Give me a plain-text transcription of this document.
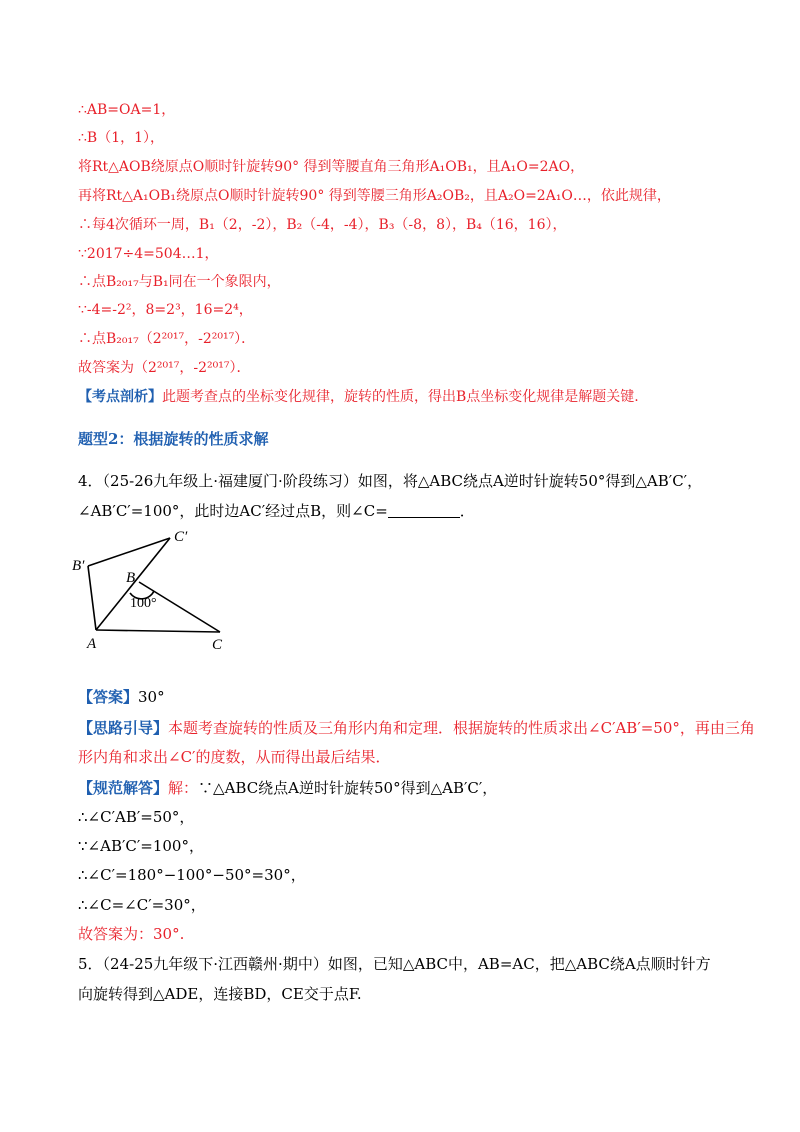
∴AB=OA=1，
∴B（1，1），
将Rt△AOB绕原点O顺时针旋转90° 得到等腰直角三角形A₁OB₁，且A₁O=2AO，
再将Rt△A₁OB₁绕原点O顺时针旋转90° 得到等腰三角形A₂OB₂，且A₂O=2A₁O…，依此规律，
∴每4次循环一周，B₁（2，-2），B₂（-4，-4），B₃（-8，8），B₄（16，16），
∵2017÷4=504…1，
∴点B₂₀₁₇与B₁同在一个象限内，
∵-4=-2²，8=2³，16=2⁴，
∴点B₂₀₁₇（2²⁰¹⁷，-2²⁰¹⁷）．
故答案为（2²⁰¹⁷，-2²⁰¹⁷）．
【考点剖析】此题考查点的坐标变化规律，旋转的性质，得出B点坐标变化规律是解题关键.
题型2：根据旋转的性质求解
4．（25-26九年级上·福建厦门·阶段练习）如图，将△ABC绕点A逆时针旋转50°得到△AB′C′，
∠AB′C′=100°，此时边AC′经过点B，则∠C=	．
B′
C′
B
A	C
100°
【答案】30°
【思路引导】本题考查旋转的性质及三角形内角和定理．根据旋转的性质求出∠C′AB′=50°，再由三角
形内角和求出∠C′的度数，从而得出最后结果．
【规范解答】解：∵△ABC绕点A逆时针旋转50°得到△AB′C′，
∴∠C′AB′=50°，
∵∠AB′C′=100°，
∴∠C′=180°−100°−50°=30°，
∴∠C=∠C′=30°，
故答案为：30°.
5．（24-25九年级下·江西赣州·期中）如图，已知△ABC中，AB=AC，把△ABC绕A点顺时针方
向旋转得到△ADE，连接BD，CE交于点F.
